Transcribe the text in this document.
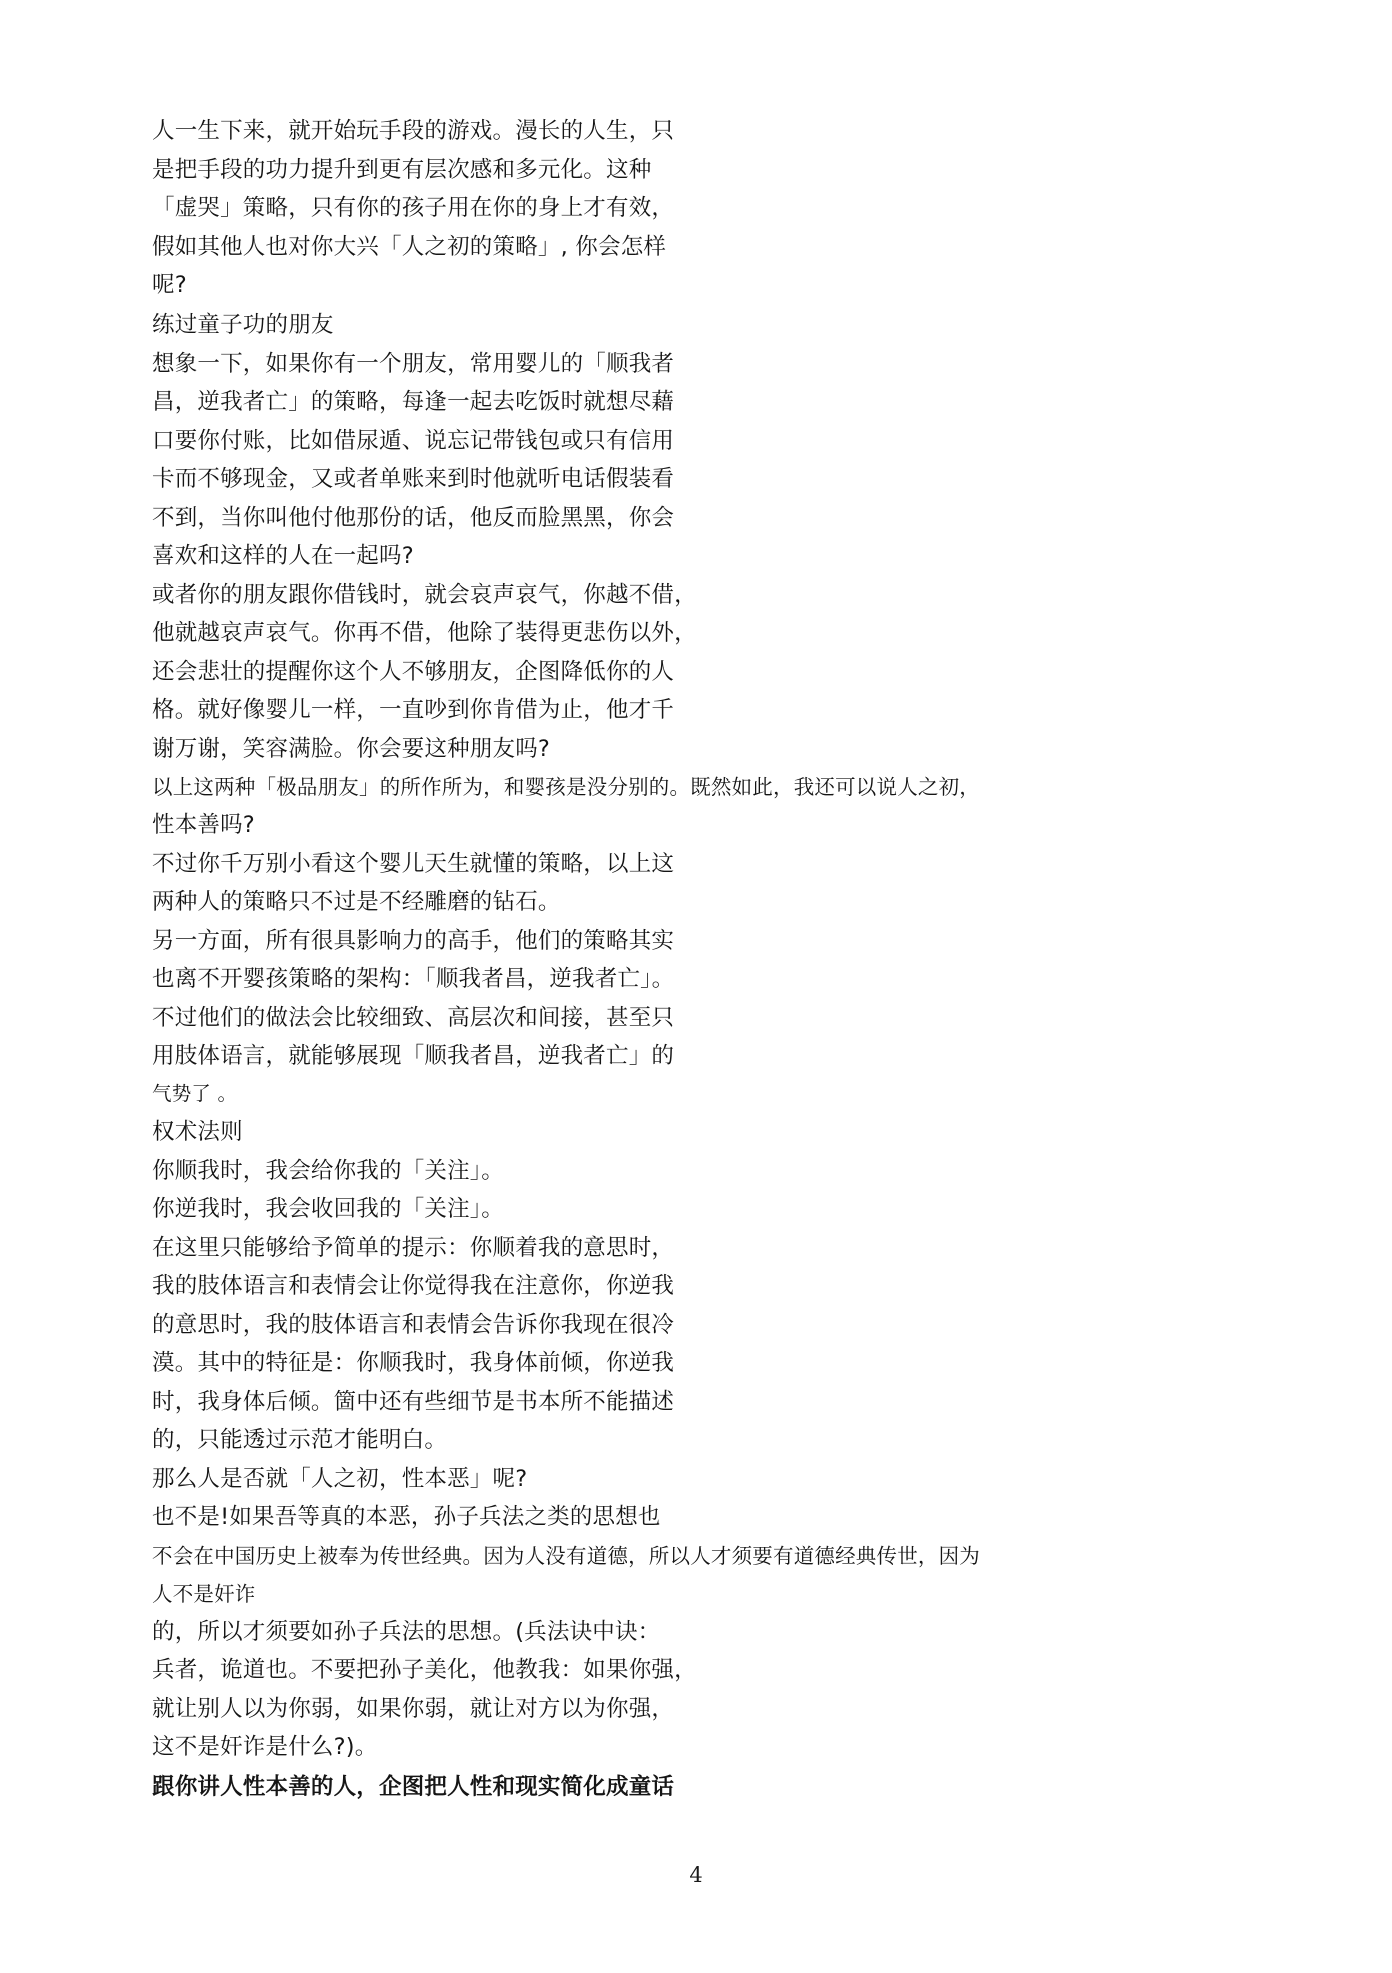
人一生下来，就开始玩手段的游戏。漫长的人生，只
是把手段的功力提升到更有层次感和多元化。这种
「虚哭」策略，只有你的孩子用在你的身上才有效，
假如其他人也对你大兴「人之初的策略」, 你会怎样
呢?
练过童子功的朋友
想象一下，如果你有一个朋友，常用婴儿的「顺我者
昌，逆我者亡」的策略，每逢一起去吃饭时就想尽藉
口要你付账，比如借尿遁、说忘记带钱包或只有信用
卡而不够现金，又或者单账来到时他就听电话假装看
不到，当你叫他付他那份的话，他反而脸黑黑，你会
喜欢和这样的人在一起吗?
或者你的朋友跟你借钱时，就会哀声哀气，你越不借，
他就越哀声哀气。你再不借，他除了装得更悲伤以外，
还会悲壮的提醒你这个人不够朋友，企图降低你的人
格。就好像婴儿一样，一直吵到你肯借为止，他才千
谢万谢，笑容满脸。你会要这种朋友吗?
以上这两种「极品朋友」的所作所为，和婴孩是没分别的。既然如此，我还可以说人之初，
性本善吗?
不过你千万别小看这个婴儿天生就懂的策略，以上这
两种人的策略只不过是不经雕磨的钻石。
另一方面，所有很具影响力的高手，他们的策略其实
也离不开婴孩策略的架构：「顺我者昌，逆我者亡」。
不过他们的做法会比较细致、高层次和间接，甚至只
用肢体语言，就能够展现「顺我者昌，逆我者亡」的
气势了 。
权术法则
你顺我时，我会给你我的「关注」。
你逆我时，我会收回我的「关注」。
在这里只能够给予简单的提示：你顺着我的意思时，
我的肢体语言和表情会让你觉得我在注意你，你逆我
的意思时，我的肢体语言和表情会告诉你我现在很冷
漠。其中的特征是：你顺我时，我身体前倾，你逆我
时，我身体后倾。箇中还有些细节是书本所不能描述
的，只能透过示范才能明白。
那么人是否就「人之初，性本恶」呢?
也不是!如果吾等真的本恶，孙子兵法之类的思想也
不会在中国历史上被奉为传世经典。因为人没有道德，所以人才须要有道德经典传世，因为
人不是奸诈
的，所以才须要如孙子兵法的思想。(兵法诀中诀：
兵者，诡道也。不要把孙子美化，他教我：如果你强，
就让别人以为你弱，如果你弱，就让对方以为你强，
这不是奸诈是什么?)。
跟你讲人性本善的人，企图把人性和现实简化成童话
4
